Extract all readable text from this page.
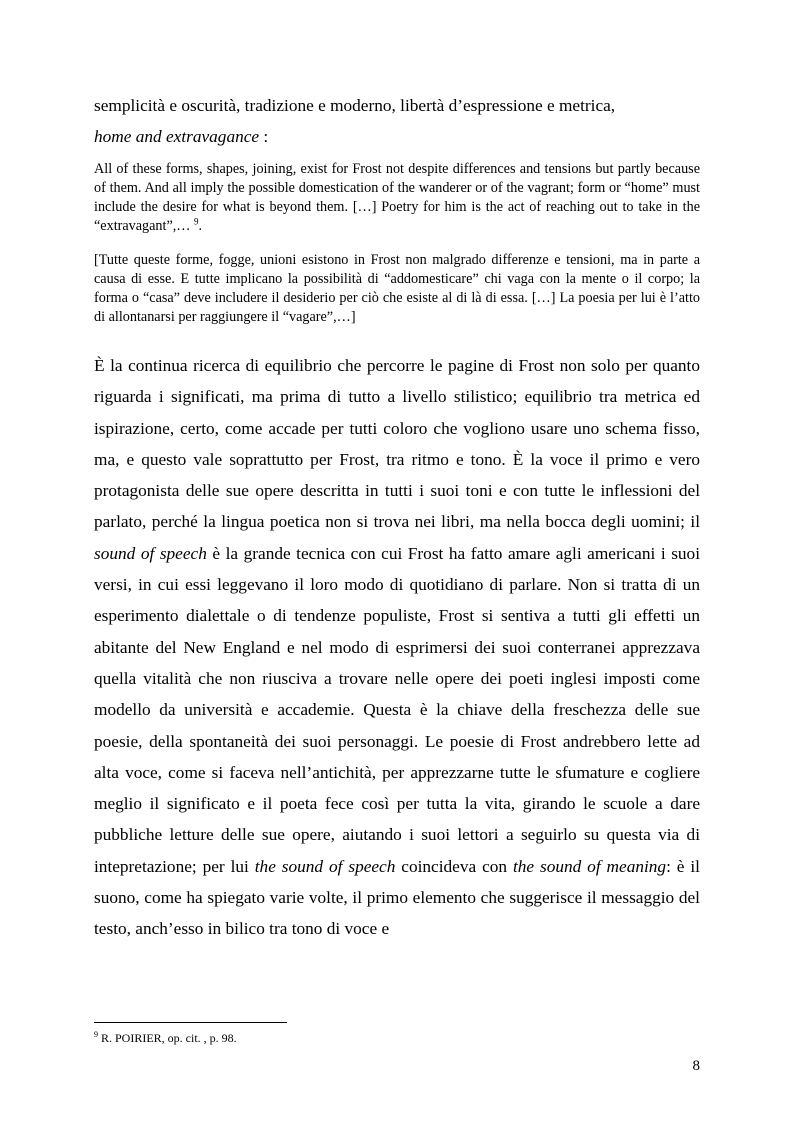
semplicità e oscurità, tradizione e moderno, libertà d’espressione e metrica,
home and extravagance :

All of these forms, shapes, joining, exist for Frost not despite differences and tensions but partly because of them. And all imply the possible domestication of the wanderer or of the vagrant; form or “home” must include the desire for what is beyond them. […] Poetry for him is the act of reaching out to take in the “extravagant”,… $^9$.

[Tutte queste forme, fogge, unioni esistono in Frost non malgrado differenze e tensioni, ma in parte a causa di esse. E tutte implicano la possibilità di “addomesticare” chi vaga con la mente o il corpo; la forma o “casa” deve includere il desiderio per ciò che esiste al di là di essa. […] La poesia per lui è l’atto di allontanarsi per raggiungere il “vagare”,…]

È la continua ricerca di equilibrio che percorre le pagine di Frost non solo per quanto riguarda i significati, ma prima di tutto a livello stilistico; equilibrio tra metrica ed ispirazione, certo, come accade per tutti coloro che vogliono usare uno schema fisso, ma, e questo vale soprattutto per Frost, tra ritmo e tono. È la voce il primo e vero protagonista delle sue opere descritta in tutti i suoi toni e con tutte le inflessioni del parlato, perché la lingua poetica non si trova nei libri, ma nella bocca degli uomini; il sound of speech è la grande tecnica con cui Frost ha fatto amare agli americani i suoi versi, in cui essi leggevano il loro modo di quotidiano di parlare. Non si tratta di un esperimento dialettale o di tendenze populiste, Frost si sentiva a tutti gli effetti un abitante del New England e nel modo di esprimersi dei suoi conterranei apprezzava quella vitalità che non riusciva a trovare nelle opere dei poeti inglesi imposti come modello da università e accademie. Questa è la chiave della freschezza delle sue poesie, della spontaneità dei suoi personaggi. Le poesie di Frost andrebbero lette ad alta voce, come si faceva nell’antichità, per apprezzarne tutte le sfumature e cogliere meglio il significato e il poeta fece così per tutta la vita, girando le scuole a dare pubbliche letture delle sue opere, aiutando i suoi lettori a seguirlo su questa via di intepretazione; per lui the sound of speech coincideva con the sound of meaning: è il suono, come ha spiegato varie volte, il primo elemento che suggerisce il messaggio del testo, anch’esso in bilico tra tono di voce e

$^9$ R. POIRIER, op. cit. , p. 98.
8
